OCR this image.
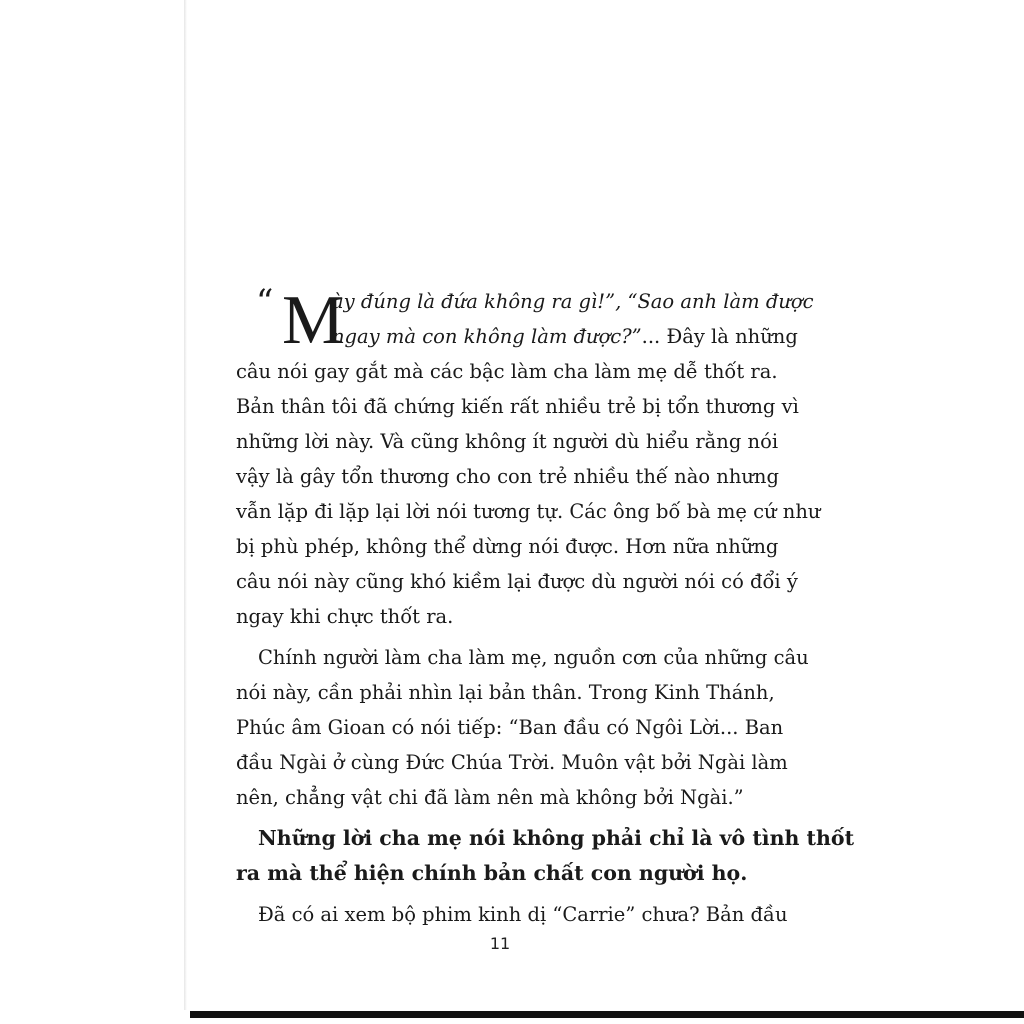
“ M
ày đúng là đứa không ra gì!”, “Sao anh làm được
ngay mà con không làm được?”... Đây là những
câu nói gay gắt mà các bậc làm cha làm mẹ dễ thốt ra.
Bản thân tôi đã chứng kiến rất nhiều trẻ bị tổn thương vì
những lời này. Và cũng không ít người dù hiểu rằng nói
vậy là gây tổn thương cho con trẻ nhiều thế nào nhưng
vẫn lặp đi lặp lại lời nói tương tự. Các ông bố bà mẹ cứ như
bị phù phép, không thể dừng nói được. Hơn nữa những
câu nói này cũng khó kiềm lại được dù người nói có đổi ý
ngay khi chực thốt ra.
Chính người làm cha làm mẹ, nguồn cơn của những câu
nói này, cần phải nhìn lại bản thân. Trong Kinh Thánh,
Phúc âm Gioan có nói tiếp: “Ban đầu có Ngôi Lời... Ban
đầu Ngài ở cùng Đức Chúa Trời. Muôn vật bởi Ngài làm
nên, chẳng vật chi đã làm nên mà không bởi Ngài.”
Những lời cha mẹ nói không phải chỉ là vô tình thốt
ra mà thể hiện chính bản chất con người họ.
Đã có ai xem bộ phim kinh dị “Carrie” chưa? Bản đầu
11
